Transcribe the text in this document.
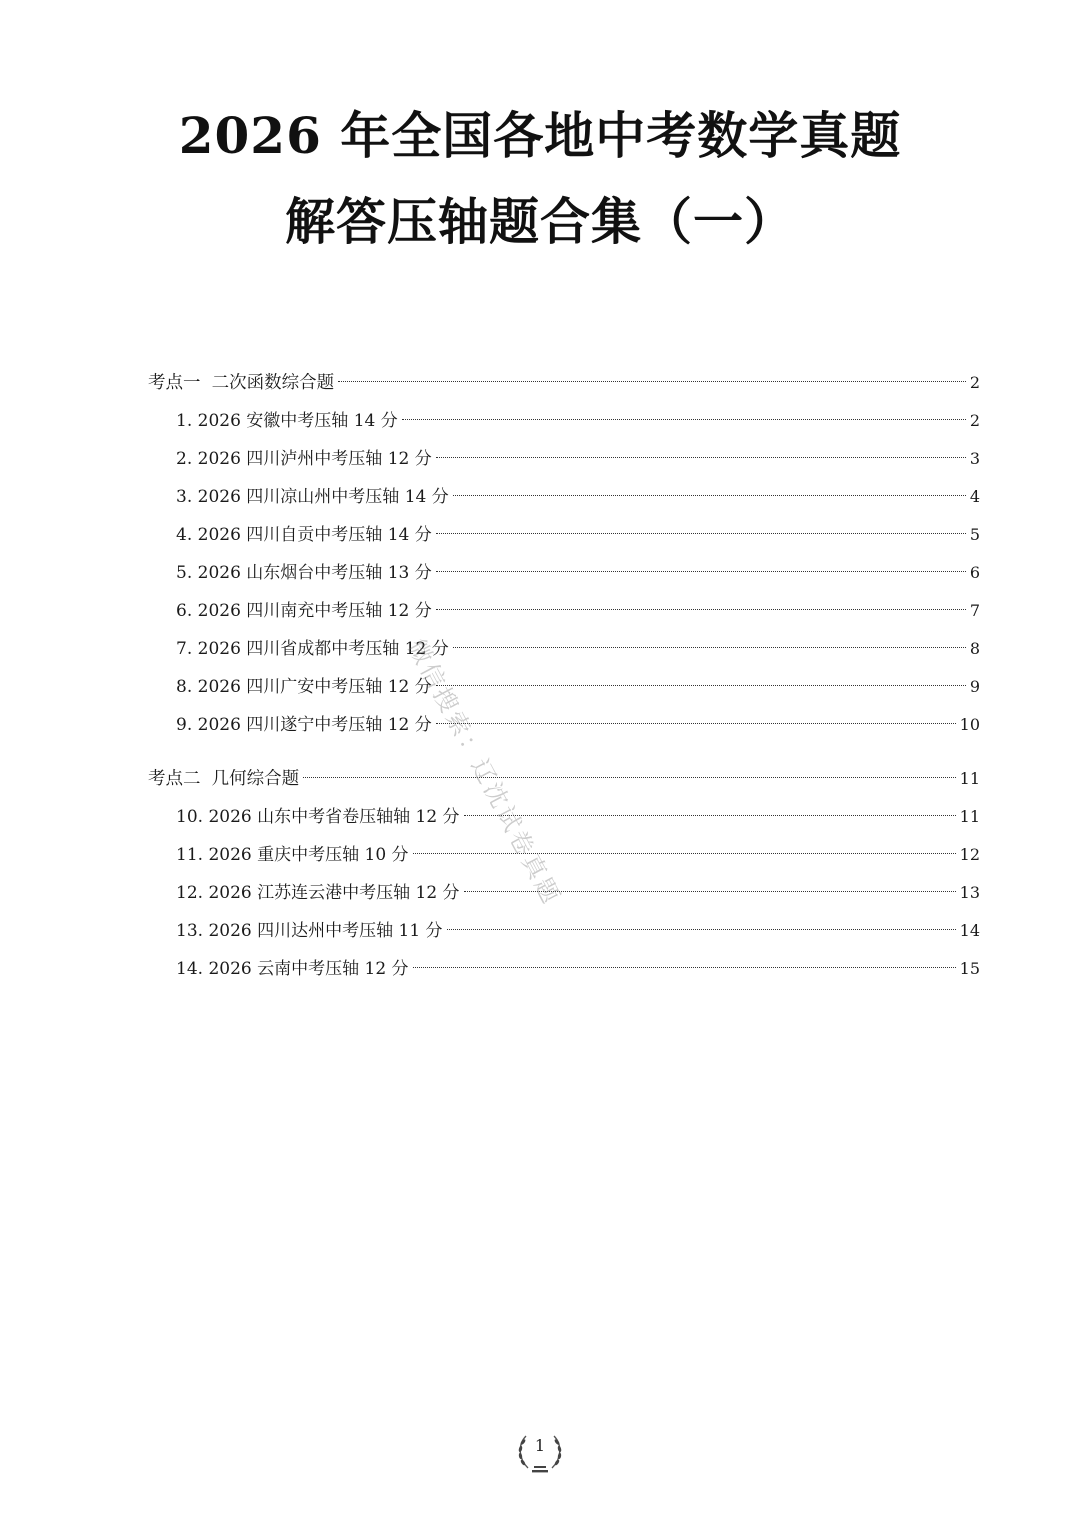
2026 年全国各地中考数学真题
解答压轴题合集（一）
考点一  二次函数综合题	2
1. 2026 安徽中考压轴 14 分	2
2. 2026 四川泸州中考压轴 12 分	3
3. 2026 四川凉山州中考压轴 14 分	4
4. 2026 四川自贡中考压轴 14 分	5
5. 2026 山东烟台中考压轴 13 分	6
6. 2026 四川南充中考压轴 12 分	7
7. 2026 四川省成都中考压轴 12 分	8
8. 2026 四川广安中考压轴 12 分	9
9. 2026 四川遂宁中考压轴 12 分	10
考点二  几何综合题	11
10. 2026 山东中考省卷压轴轴 12 分	11
11. 2026 重庆中考压轴 10 分	12
12. 2026 江苏连云港中考压轴 12 分	13
13. 2026 四川达州中考压轴 11 分	14
14. 2026 云南中考压轴 12 分	15
微信搜索：辽沈试卷真题
1
